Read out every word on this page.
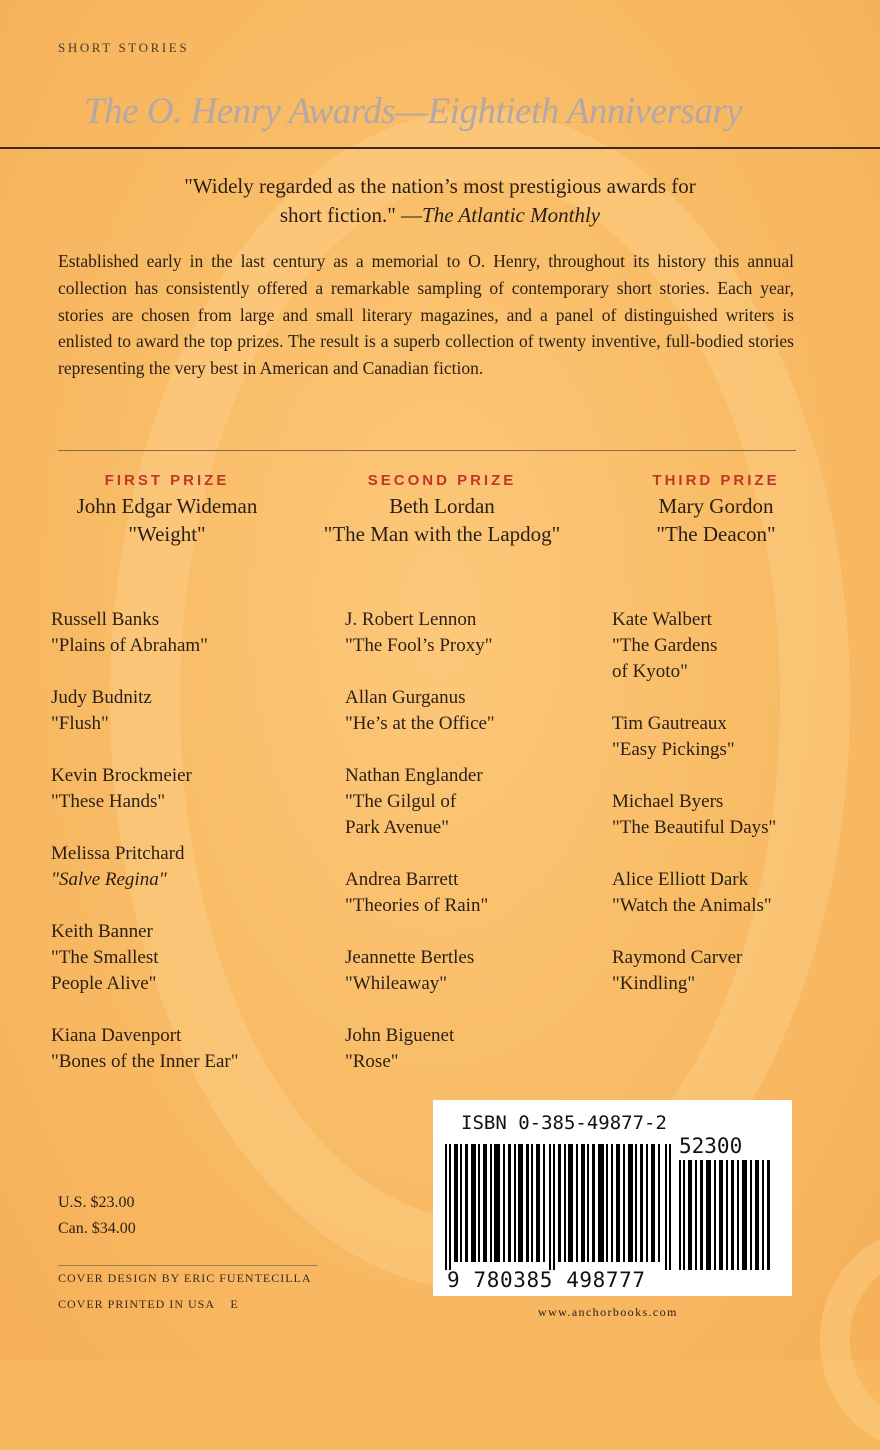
SHORT STORIES
The O. Henry Awards—Eightieth Anniversary
"Widely regarded as the nation’s most prestigious awards for
short fiction." —The Atlantic Monthly
Established early in the last century as a memorial to O. Henry, throughout its history this annual collection has consistently offered a remarkable sampling of contemporary short stories. Each year, stories are chosen from large and small literary magazines, and a panel of distinguished writers is enlisted to award the top prizes. The result is a superb collection of twenty inventive, full-bodied stories representing the very best in American and Canadian fiction.
FIRST PRIZE
John Edgar Wideman
"Weight"
SECOND PRIZE
Beth Lordan
"The Man with the Lapdog"
THIRD PRIZE
Mary Gordon
"The Deacon"
Russell Banks
"Plains of Abraham"
Judy Budnitz
"Flush"
Kevin Brockmeier
"These Hands"
Melissa Pritchard
"Salve Regina"
Keith Banner
"The Smallest
People Alive"
Kiana Davenport
"Bones of the Inner Ear"
J. Robert Lennon
"The Fool’s Proxy"
Allan Gurganus
"He’s at the Office"
Nathan Englander
"The Gilgul of
Park Avenue"
Andrea Barrett
"Theories of Rain"
Jeannette Bertles
"Whileaway"
John Biguenet
"Rose"
Kate Walbert
"The Gardens
of Kyoto"
Tim Gautreaux
"Easy Pickings"
Michael Byers
"The Beautiful Days"
Alice Elliott Dark
"Watch the Animals"
Raymond Carver
"Kindling"
U.S. $23.00
Can. $34.00
COVER DESIGN BY ERIC FUENTECILLA
COVER PRINTED IN USA    E
ISBN 0-385-49877-2
52300
9 780385 498777
www.anchorbooks.com
